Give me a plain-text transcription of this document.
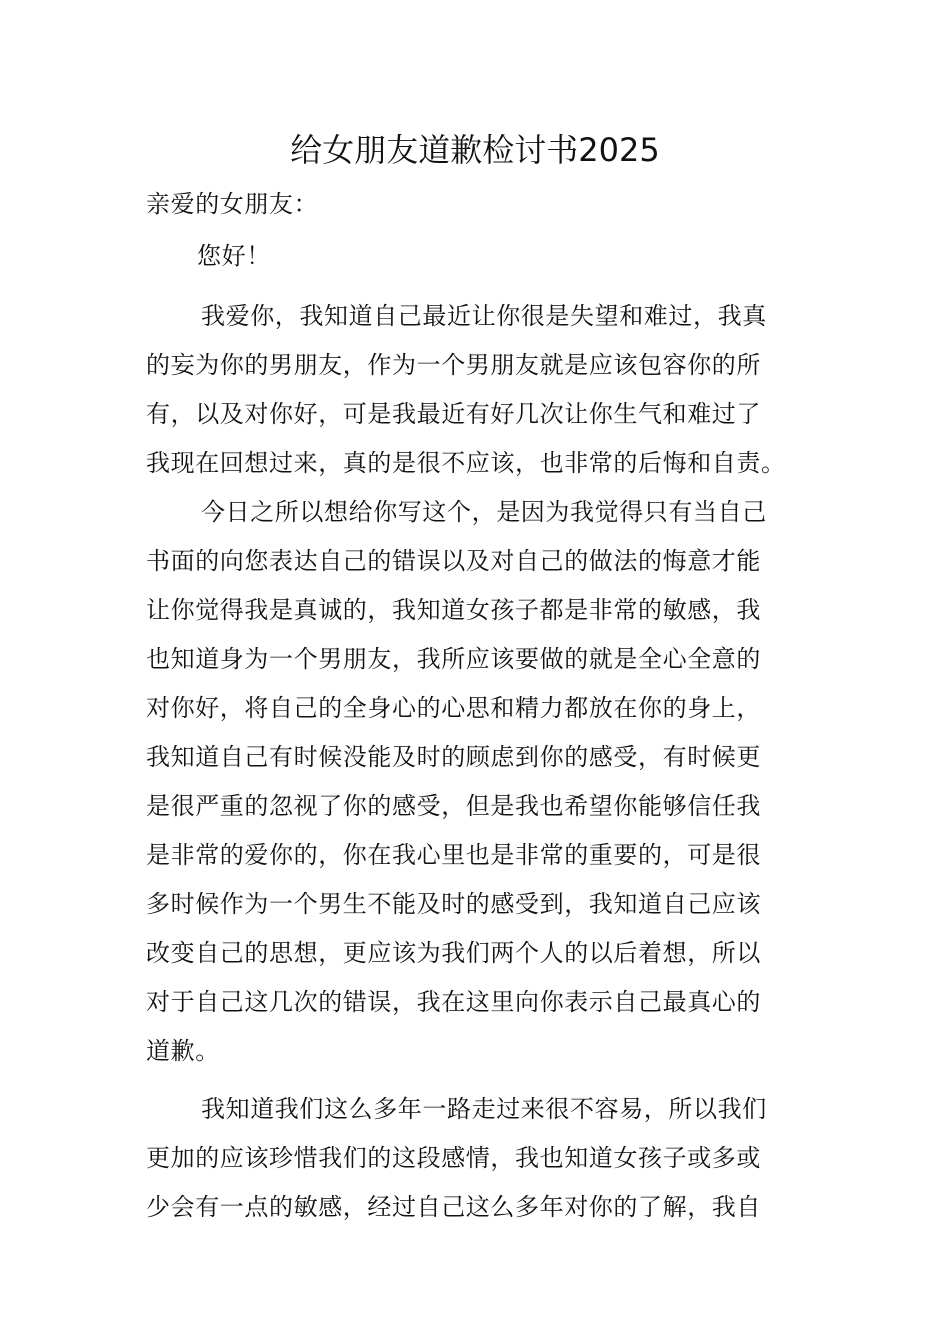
给女朋友道歉检讨书2025
亲爱的女朋友：
您好！
我爱你，我知道自己最近让你很是失望和难过，我真
的妄为你的男朋友，作为一个男朋友就是应该包容你的所
有，以及对你好，可是我最近有好几次让你生气和难过了
我现在回想过来，真的是很不应该，也非常的后悔和自责。
今日之所以想给你写这个，是因为我觉得只有当自己
书面的向您表达自己的错误以及对自己的做法的悔意才能
让你觉得我是真诚的，我知道女孩子都是非常的敏感，我
也知道身为一个男朋友，我所应该要做的就是全心全意的
对你好，将自己的全身心的心思和精力都放在你的身上，
我知道自己有时候没能及时的顾虑到你的感受，有时候更
是很严重的忽视了你的感受，但是我也希望你能够信任我
是非常的爱你的，你在我心里也是非常的重要的，可是很
多时候作为一个男生不能及时的感受到，我知道自己应该
改变自己的思想，更应该为我们两个人的以后着想，所以
对于自己这几次的错误，我在这里向你表示自己最真心的
道歉。
我知道我们这么多年一路走过来很不容易，所以我们
更加的应该珍惜我们的这段感情，我也知道女孩子或多或
少会有一点的敏感，经过自己这么多年对你的了解，我自
